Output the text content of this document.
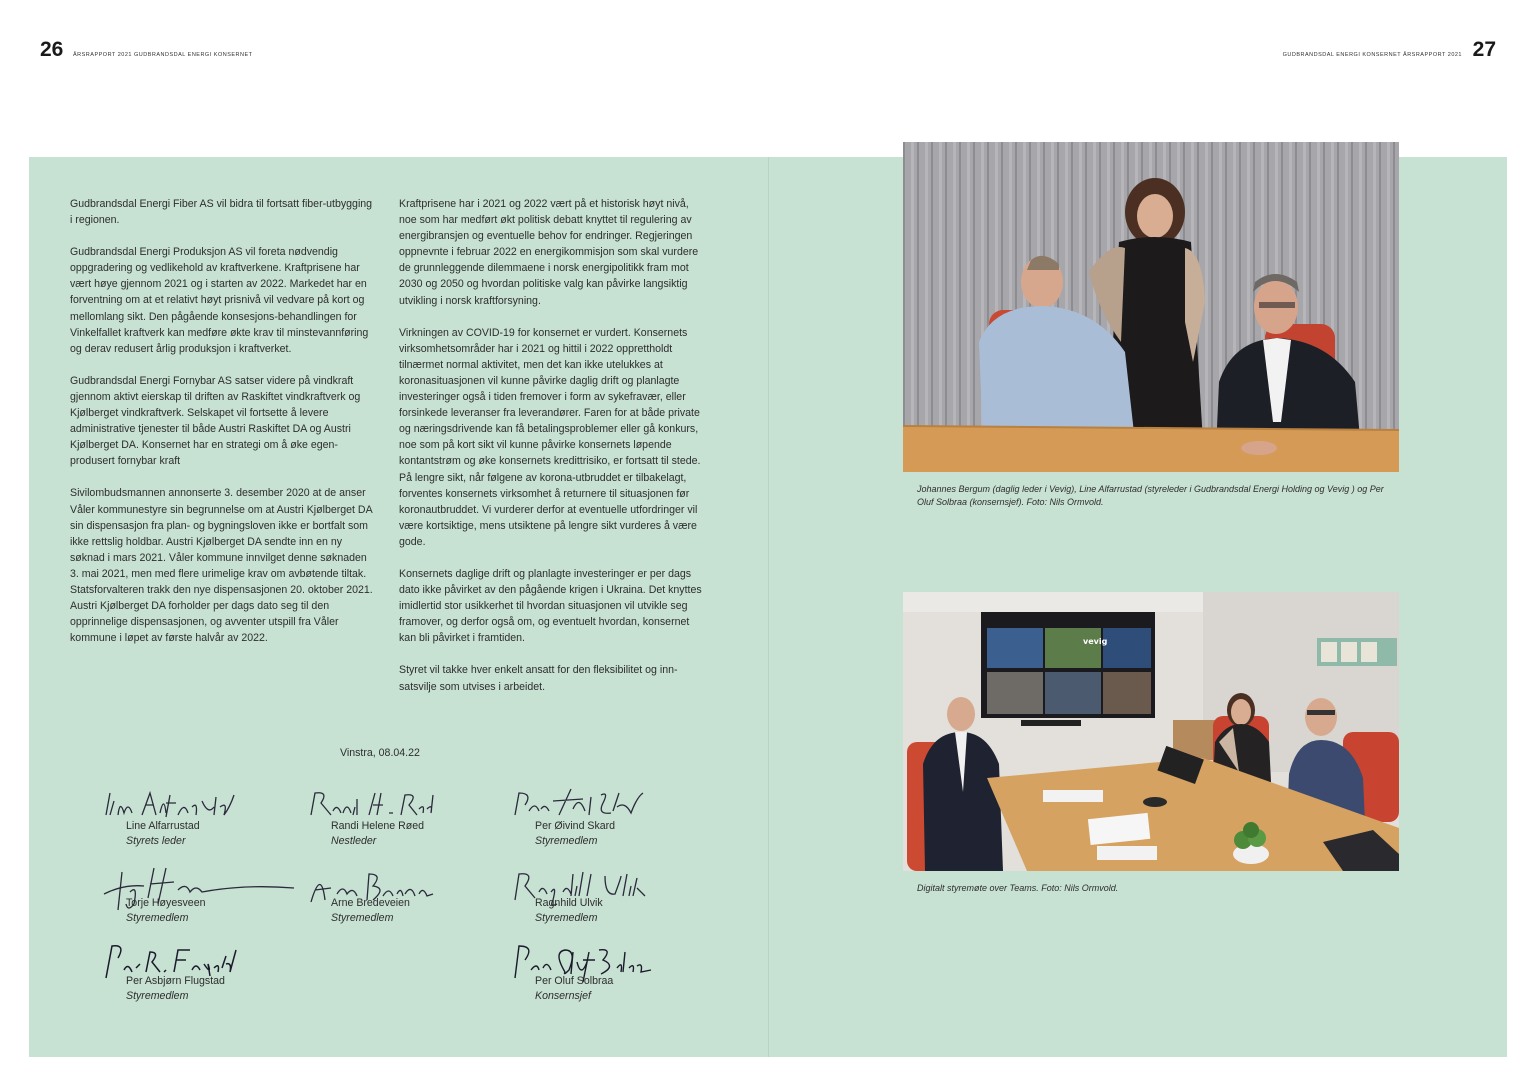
26 ÅRSRAPPORT 2021 GUDBRANDSDAL ENERGI KONSERNET	GUDBRANDSDAL ENERGI KONSERNET ÅRSRAPPORT 2021 27

Gudbrandsdal Energi Fiber AS vil bidra til fortsatt fiber-utbygging i regionen.

Gudbrandsdal Energi Produksjon AS vil foreta nødvendig oppgradering og vedlikehold av kraftverkene. Kraftprisene har vært høye gjennom 2021 og i starten av 2022. Markedet har en forventning om at et relativt høyt prisnivå vil vedvare på kort og mellomlang sikt. Den pågående konsesjons-behandlingen for Vinkelfallet kraftverk kan medføre økte krav til minstevannføring og derav redusert årlig produksjon i kraftverket.

Gudbrandsdal Energi Fornybar AS satser videre på vindkraft gjennom aktivt eierskap til driften av Raskiftet vindkraftverk og Kjølberget vindkraftverk. Selskapet vil fortsette å levere administrative tjenester til både Austri Raskiftet DA og Austri Kjølberget DA. Konsernet har en strategi om å øke egen-produsert fornybar kraft

Sivilombudsmannen annonserte 3. desember 2020 at de anser Våler kommunestyre sin begrunnelse om at Austri Kjølberget DA sin dispensasjon fra plan- og bygningsloven ikke er bortfalt som ikke rettslig holdbar. Austri Kjølberget DA sendte inn en ny søknad i mars 2021. Våler kommune innvilget denne søknaden 3. mai 2021, men med flere urimelige krav om avbøtende tiltak. Statsforvalteren trakk den nye dispensasjonen 20. oktober 2021. Austri Kjølberget DA forholder per dags dato seg til den opprinnelige dispensasjonen, og avventer utspill fra Våler kommune i løpet av første halvår av 2022.

Kraftprisene har i 2021 og 2022 vært på et historisk høyt nivå, noe som har medført økt politisk debatt knyttet til regulering av energibransjen og eventuelle behov for endringer. Regjeringen oppnevnte i februar 2022 en energikommisjon som skal vurdere de grunnleggende dilemmaene i norsk energipolitikk fram mot 2030 og 2050 og hvordan politiske valg kan påvirke langsiktig utvikling i norsk kraftforsyning.

Virkningen av COVID-19 for konsernet er vurdert. Konsernets virksomhetsområder har i 2021 og hittil i 2022 opprettholdt tilnærmet normal aktivitet, men det kan ikke utelukkes at koronasituasjonen vil kunne påvirke daglig drift og planlagte investeringer også i tiden fremover i form av sykefravær, eller forsinkede leveranser fra leverandører. Faren for at både private og næringsdrivende kan få betalingsproblemer eller gå konkurs, noe som på kort sikt vil kunne påvirke konsernets løpende kontantstrøm og øke konsernets kredittrisiko, er fortsatt til stede. På lengre sikt, når følgene av korona-utbruddet er tilbakelagt, forventes konsernets virksomhet å returnere til situasjonen før koronautbruddet. Vi vurderer derfor at eventuelle utfordringer vil være kortsiktige, mens utsiktene på lengre sikt vurderes å være gode.

Konsernets daglige drift og planlagte investeringer er per dags dato ikke påvirket av den pågående krigen i Ukraina. Det knyttes imidlertid stor usikkerhet til hvordan situasjonen vil utvikle seg framover, og derfor også om, og eventuelt hvordan, konsernet kan bli påvirket i framtiden.

Styret vil takke hver enkelt ansatt for den fleksibilitet og inn-satsvilje som utvises i arbeidet.

Vinstra, 08.04.22
Line Alfarrustad
Styrets leder
Randi Helene Røed
Nestleder
Per Øivind Skard
Styremedlem
Torje Høyesveen
Styremedlem
Arne Bredeveien
Styremedlem
Ragnhild Ulvik
Styremedlem
Per Asbjørn Flugstad
Styremedlem
Per Oluf Solbraa
Konsernsjef
Johannes Bergum (daglig leder i Vevig), Line Alfarrustad (styreleder i Gudbrandsdal Energi Holding og Vevig ) og Per Oluf Solbraa (konsernsjef). Foto: Nils Ormvold.
vevig
Digitalt styremøte over Teams. Foto: Nils Ormvold.
